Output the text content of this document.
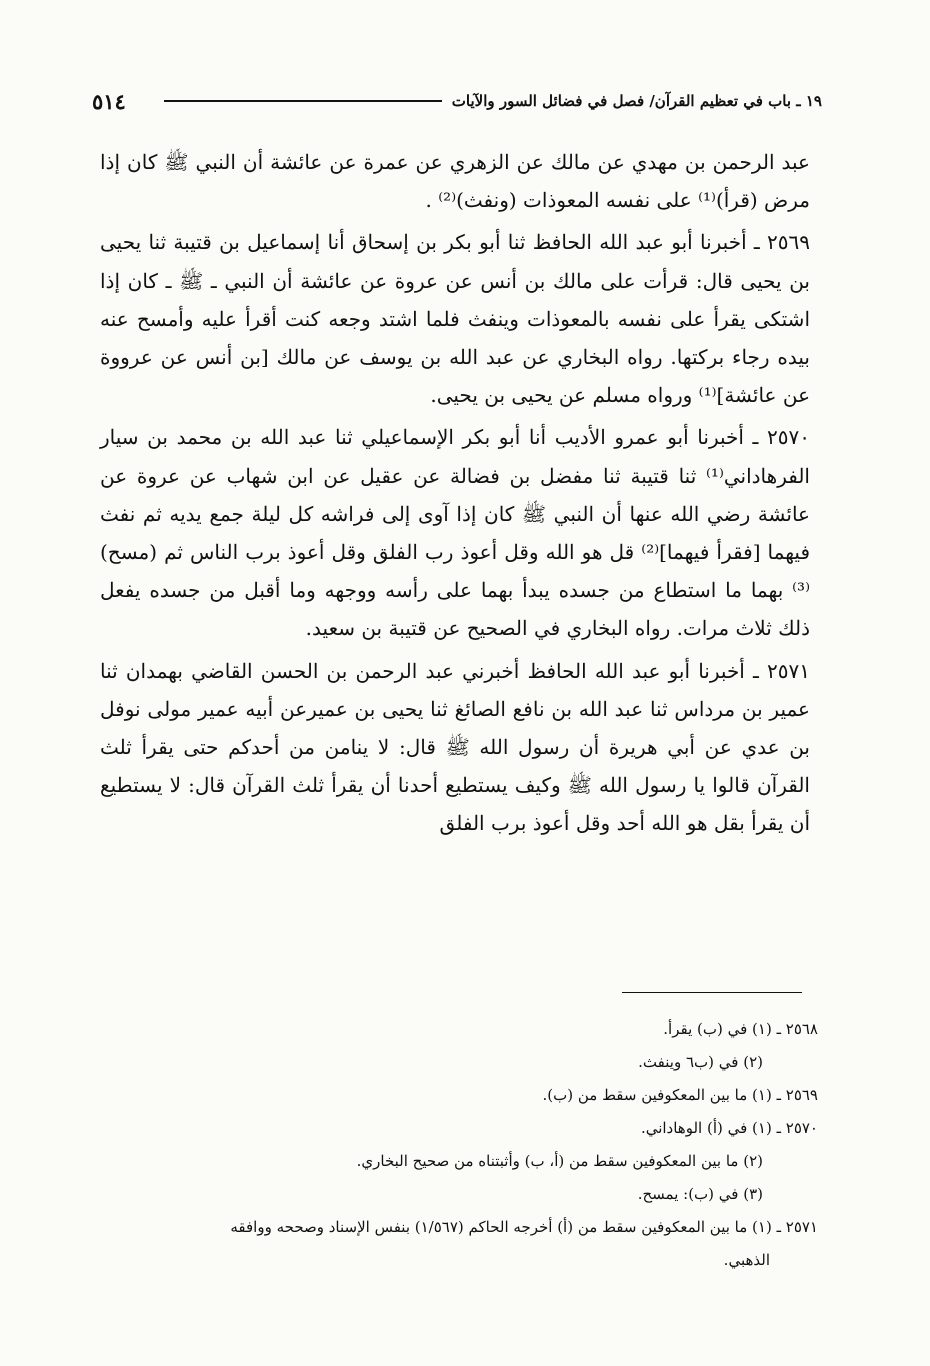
٥١٤	١٩ ـ باب في تعظيم القرآن/ فصل في فضائل السور والآيات

عبد الرحمن بن مهدي عن مالك عن الزهري عن عمرة عن عائشة أن النبي ﷺ كان إذا مرض (قرأ)⁽¹⁾ على نفسه المعوذات (ونفث)⁽²⁾ .

٢٥٦٩ ـ أخبرنا أبو عبد الله الحافظ ثنا أبو بكر بن إسحاق أنا إسماعيل بن قتيبة ثنا يحيى بن يحيى قال: قرأت على مالك بن أنس عن عروة عن عائشة أن النبي ـ ﷺ ـ كان إذا اشتكى يقرأ على نفسه بالمعوذات وينفث فلما اشتد وجعه كنت أقرأ عليه وأمسح عنه بيده رجاء بركتها. رواه البخاري عن عبد الله بن يوسف عن مالك [بن أنس عن عرووة عن عائشة]⁽¹⁾ ورواه مسلم عن يحيى بن يحيى.

٢٥٧٠ ـ أخبرنا أبو عمرو الأديب أنا أبو بكر الإسماعيلي ثنا عبد الله بن محمد بن سيار الفرهاداني⁽¹⁾ ثنا قتيبة ثنا مفضل بن فضالة عن عقيل عن ابن شهاب عن عروة عن عائشة رضي الله عنها أن النبي ﷺ كان إذا آوى إلى فراشه كل ليلة جمع يديه ثم نفث فيهما [فقرأ فيهما]⁽²⁾ قل هو الله وقل أعوذ رب الفلق وقل أعوذ برب الناس ثم (مسح)⁽³⁾ بهما ما استطاع من جسده يبدأ بهما على رأسه ووجهه وما أقبل من جسده يفعل ذلك ثلاث مرات. رواه البخاري في الصحيح عن قتيبة بن سعيد.

٢٥٧١ ـ أخبرنا أبو عبد الله الحافظ أخبرني عبد الرحمن بن الحسن القاضي بهمدان ثنا عمير بن مرداس ثنا عبد الله بن نافع الصائغ ثنا يحيى بن عميرعن أبيه عمير مولى نوفل بن عدي عن أبي هريرة أن رسول الله ﷺ قال: لا ينامن من أحدكم حتى يقرأ ثلث القرآن قالوا يا رسول الله ﷺ وكيف يستطيع أحدنا أن يقرأ ثلث القرآن قال: لا يستطيع أن يقرأ بقل هو الله أحد وقل أعوذ برب الفلق

٢٥٦٨ ـ (١) في (ب) يقرأ.
(٢) في (ب٦ وينفث.
٢٥٦٩ ـ (١) ما بين المعكوفين سقط من (ب).
٢٥٧٠ ـ (١) في (أ) الوهاداني.
(٢) ما بين المعكوفين سقط من (أ، ب) وأثبتناه من صحيح البخاري.
(٣) في (ب): يمسح.
٢٥٧١ ـ (١) ما بين المعكوفين سقط من (أ) أخرجه الحاكم (١/٥٦٧) بنفس الإسناد وصححه ووافقه
الذهبي.
